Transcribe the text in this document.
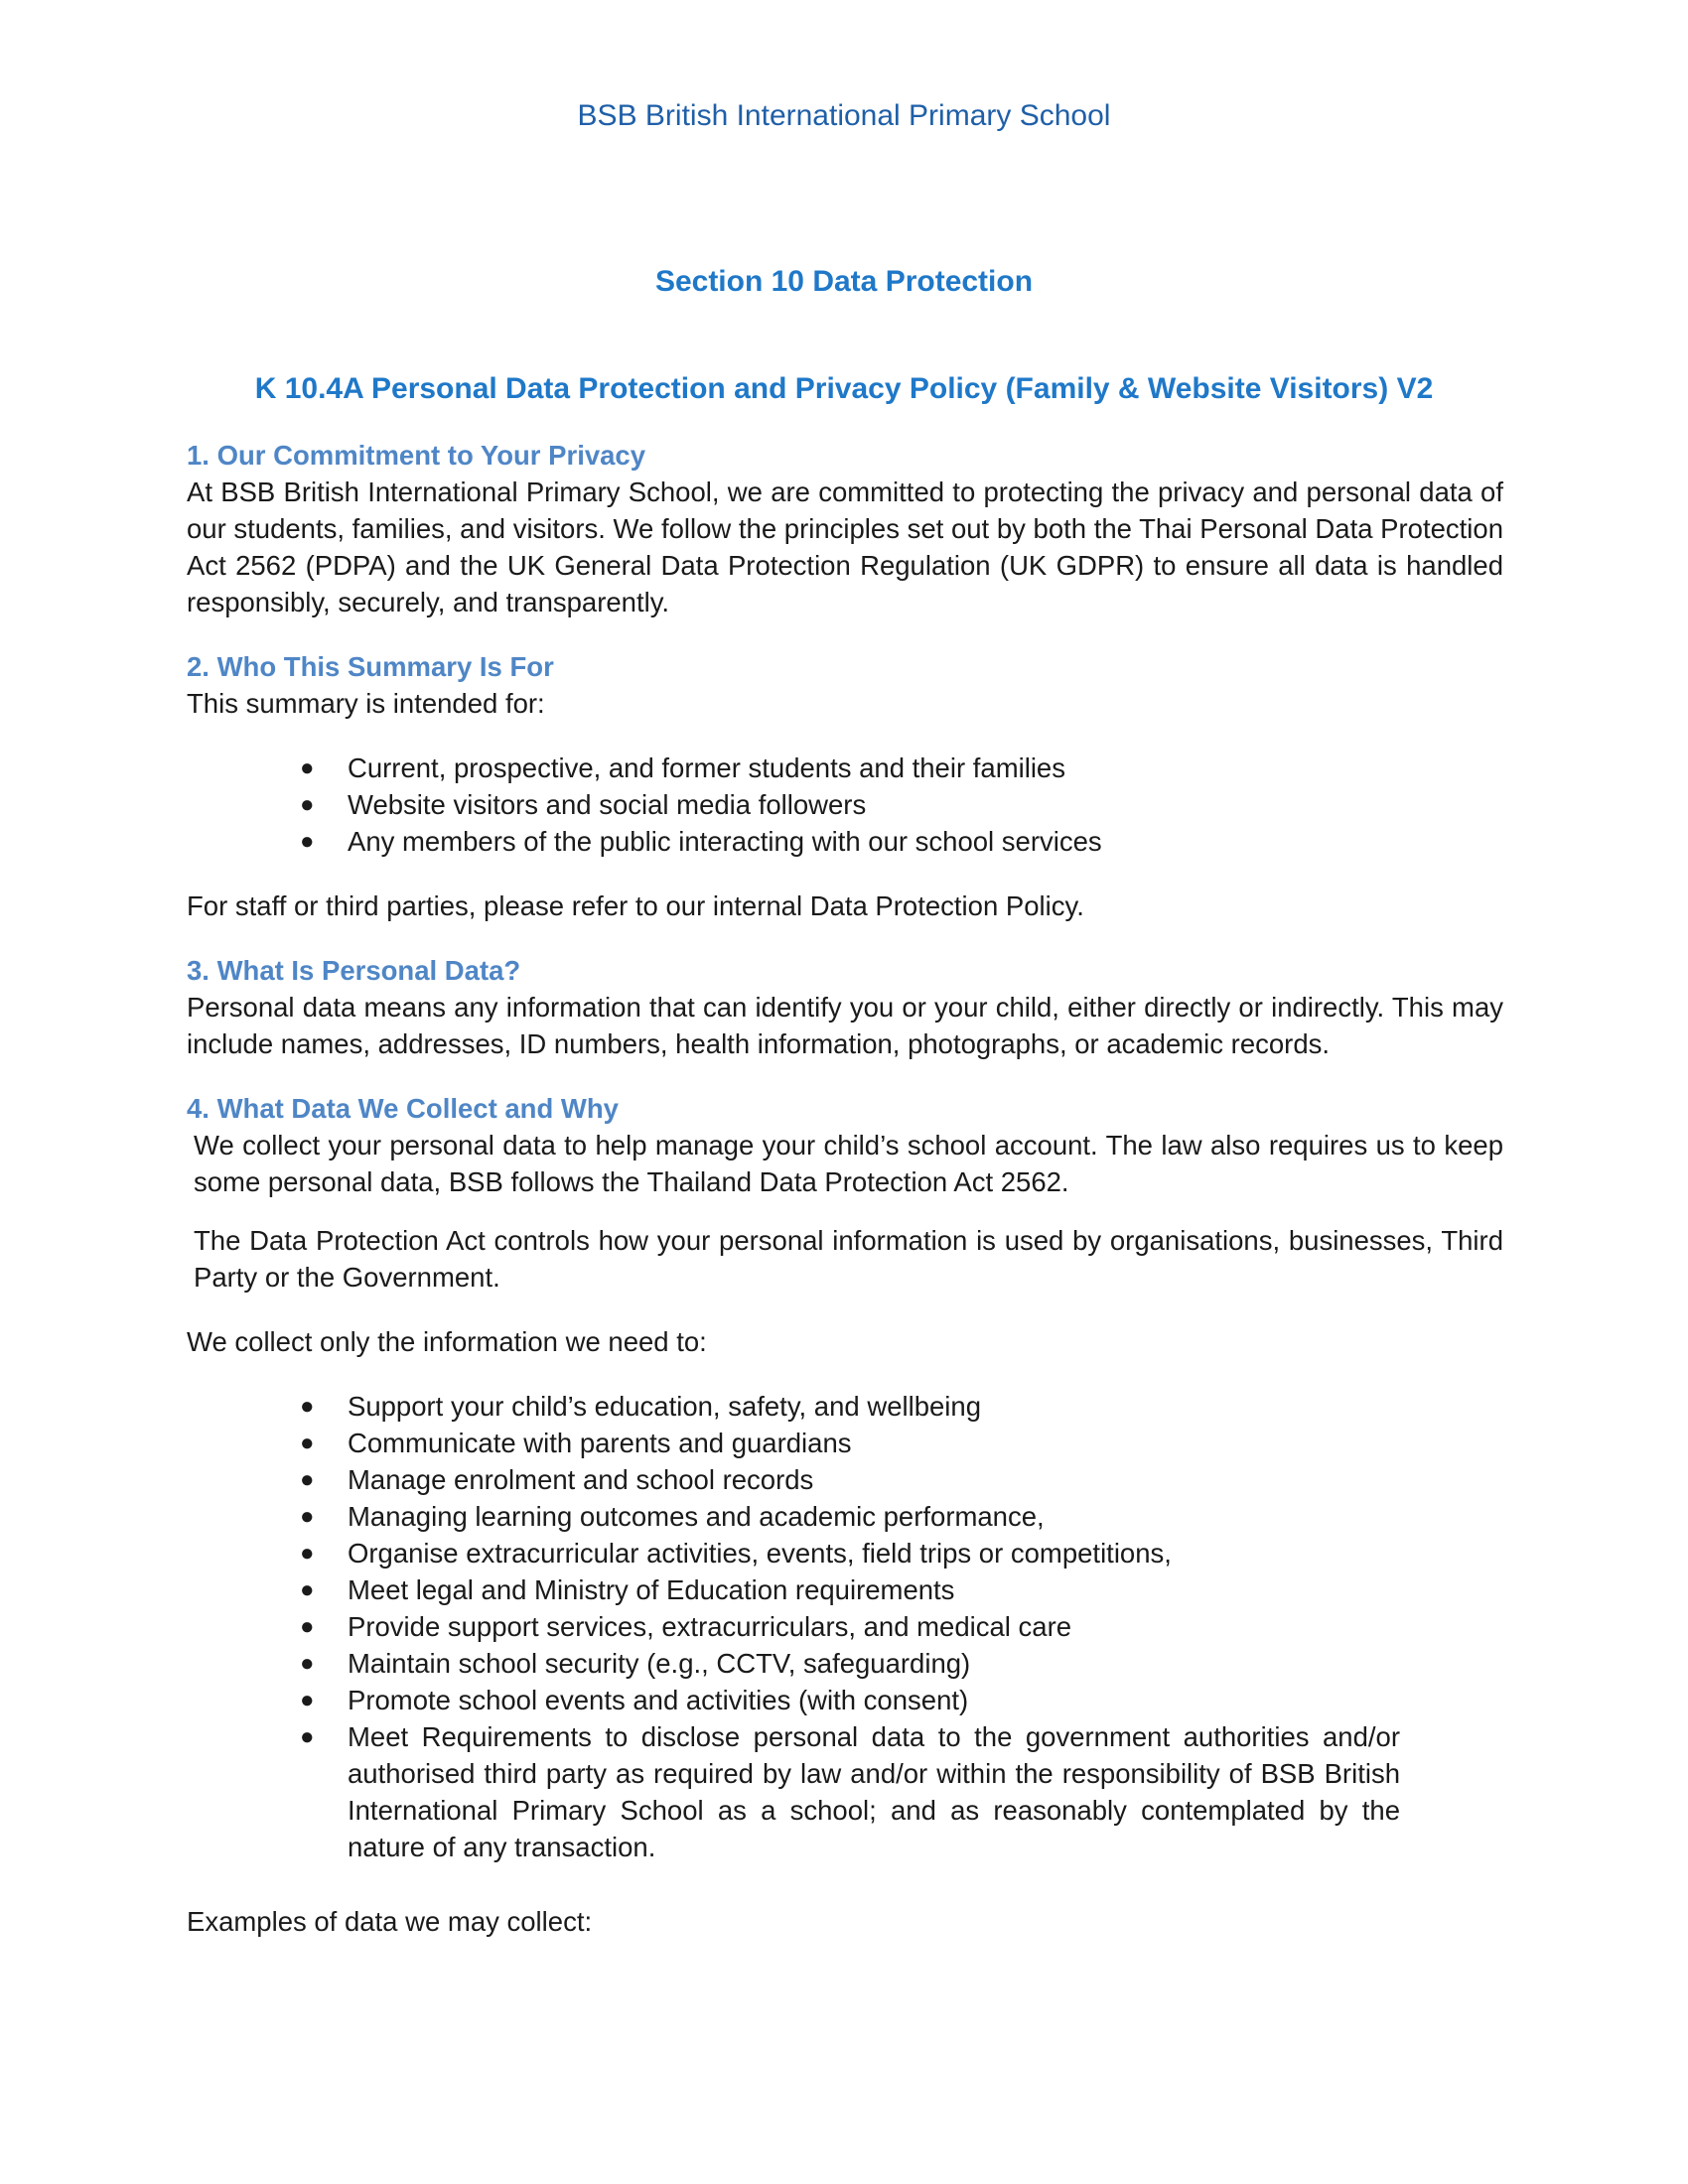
BSB British International Primary School
Section 10 Data Protection
K 10.4A Personal Data Protection and Privacy Policy (Family & Website Visitors) V2
1. Our Commitment to Your Privacy

At BSB British International Primary School, we are committed to protecting the privacy and personal data of our students, families, and visitors. We follow the principles set out by both the Thai Personal Data Protection Act 2562 (PDPA) and the UK General Data Protection Regulation (UK GDPR) to ensure all data is handled responsibly, securely, and transparently.

2. Who This Summary Is For

This summary is intended for:

● Current, prospective, and former students and their families
● Website visitors and social media followers
● Any members of the public interacting with our school services

For staff or third parties, please refer to our internal Data Protection Policy.

3. What Is Personal Data?

Personal data means any information that can identify you or your child, either directly or indirectly. This may include names, addresses, ID numbers, health information, photographs, or academic records.

4. What Data We Collect and Why

We collect your personal data to help manage your child’s school account. The law also requires us to keep some personal data, BSB follows the Thailand Data Protection Act 2562.

The Data Protection Act controls how your personal information is used by organisations, businesses, Third Party or the Government.

We collect only the information we need to:

● Support your child’s education, safety, and wellbeing
● Communicate with parents and guardians
● Manage enrolment and school records
● Managing learning outcomes and academic performance,
● Organise extracurricular activities, events, field trips or competitions,
● Meet legal and Ministry of Education requirements
● Provide support services, extracurriculars, and medical care
● Maintain school security (e.g., CCTV, safeguarding)
● Promote school events and activities (with consent)
● Meet Requirements to disclose personal data to the government authorities and/or authorised third party as required by law and/or within the responsibility of BSB British International Primary School as a school; and as reasonably contemplated by the nature of any transaction.

Examples of data we may collect:
